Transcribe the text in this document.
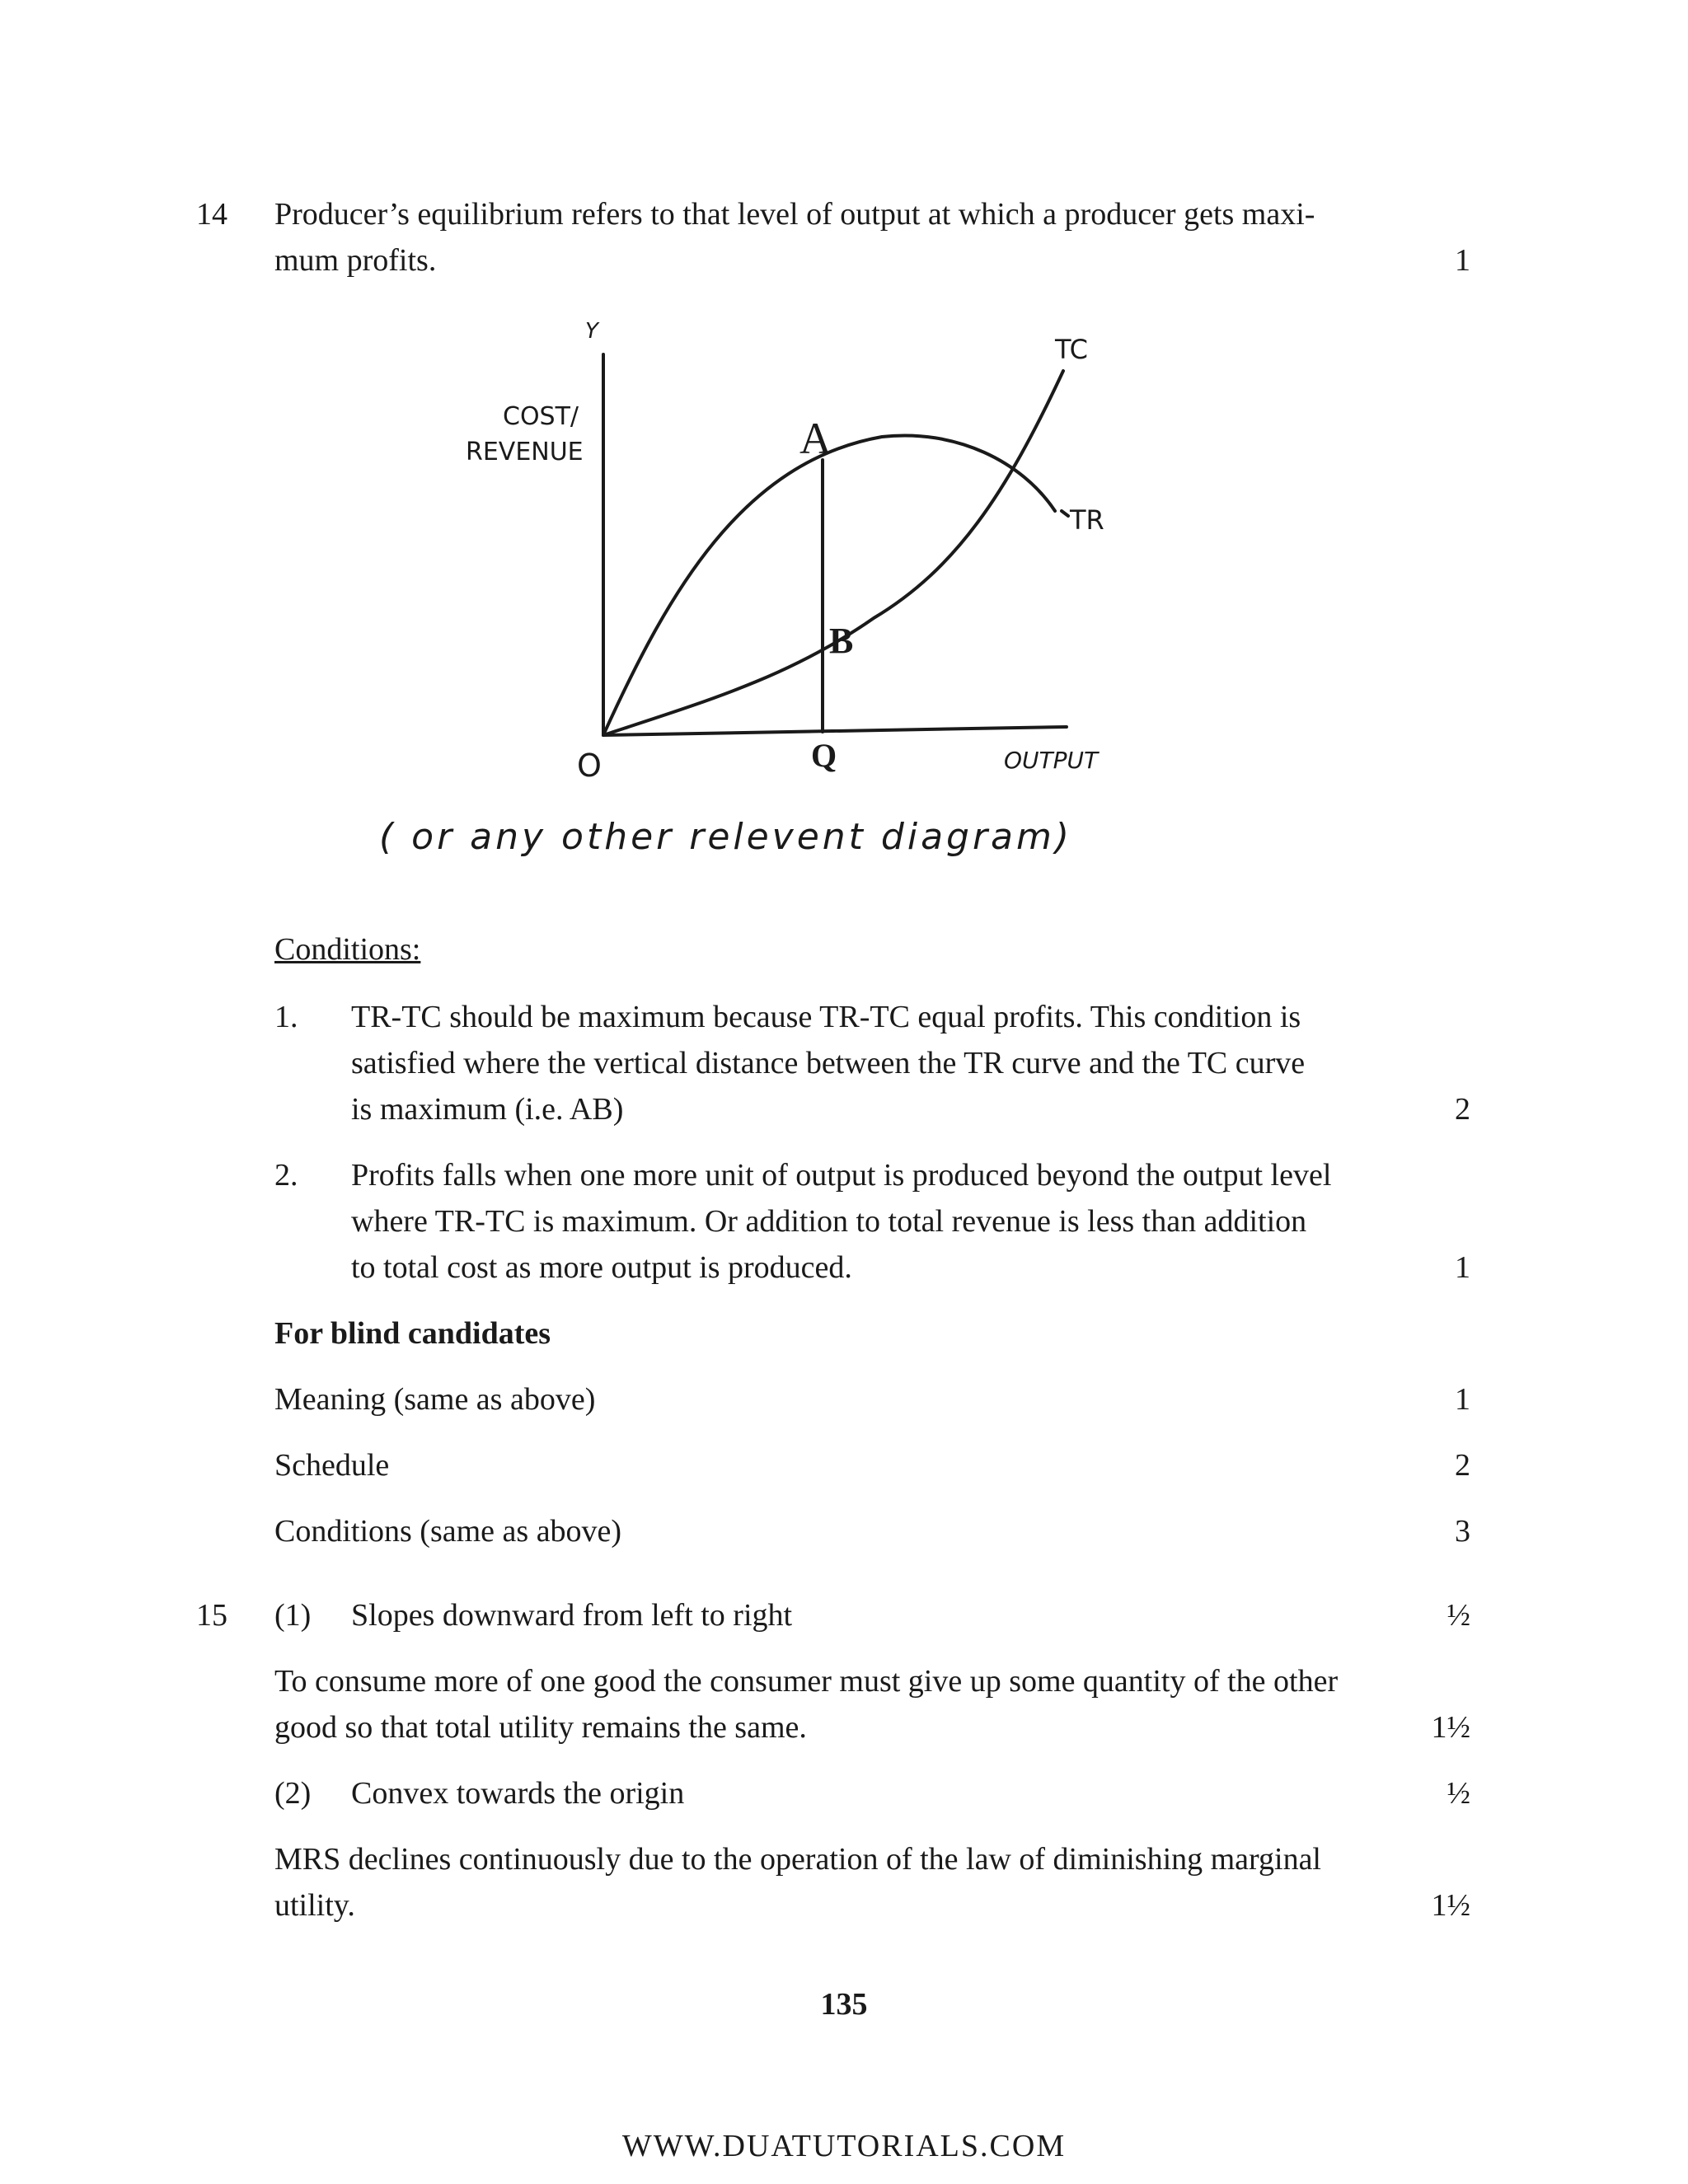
14 Producer’s equilibrium refers to that level of output at which a producer gets maxi-
mum profits.	1
Y
COST/
REVENUE	A
B
O	Q	OUTPUT
TC
TR
( or any other relevent diagram)
Conditions:
1. TR-TC should be maximum because TR-TC equal profits. This condition is
satisfied where the vertical distance between the TR curve and the TC curve
is maximum (i.e. AB)	2
2. Profits falls when one more unit of output is produced beyond the output level
where TR-TC is maximum. Or addition to total revenue is less than addition
to total cost as more output is produced.	1
For blind candidates
Meaning (same as above)	1
Schedule	2
Conditions (same as above)	3
15 (1) Slopes downward from left to right	½
To consume more of one good the consumer must give up some quantity of the other
good so that total utility remains the same.	1½
(2) Convex towards the origin	½
MRS declines continuously due to the operation of the law of diminishing marginal
utility.	1½
135
WWW.DUATUTORIALS.COM
